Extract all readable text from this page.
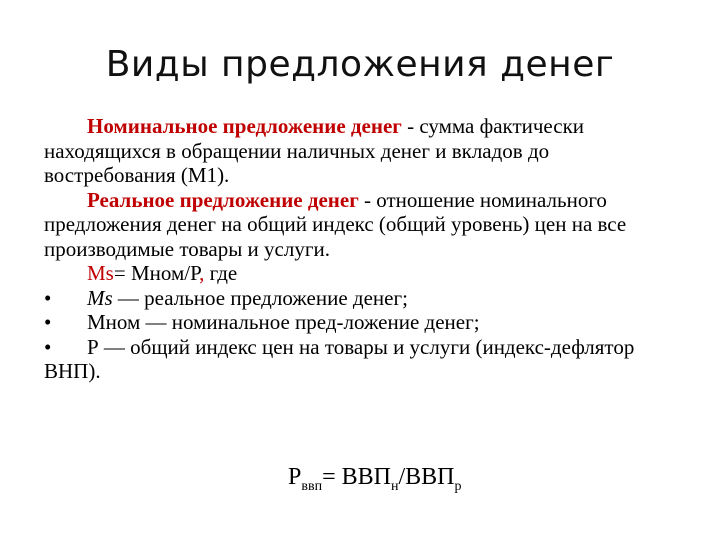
Виды предложения денег

Номинальное предложение денег - сумма фактически находящихся в обращении наличных денег и вкладов до востребования (М1).

Реальное предложение денег - отношение номинального предложения денег на общий индекс (общий уровень) цен на все производимые товары и услуги.

Ms= Мном/Р, где

•	Ms — реальное предложение денег;
•	Мном — номинальное пред-ложение денег;
• Р — общий индекс цен на товары и услуги (индекс-дефлятор ВНП).
$Р_{ввп}= ВВП_н/ВВП_р$
